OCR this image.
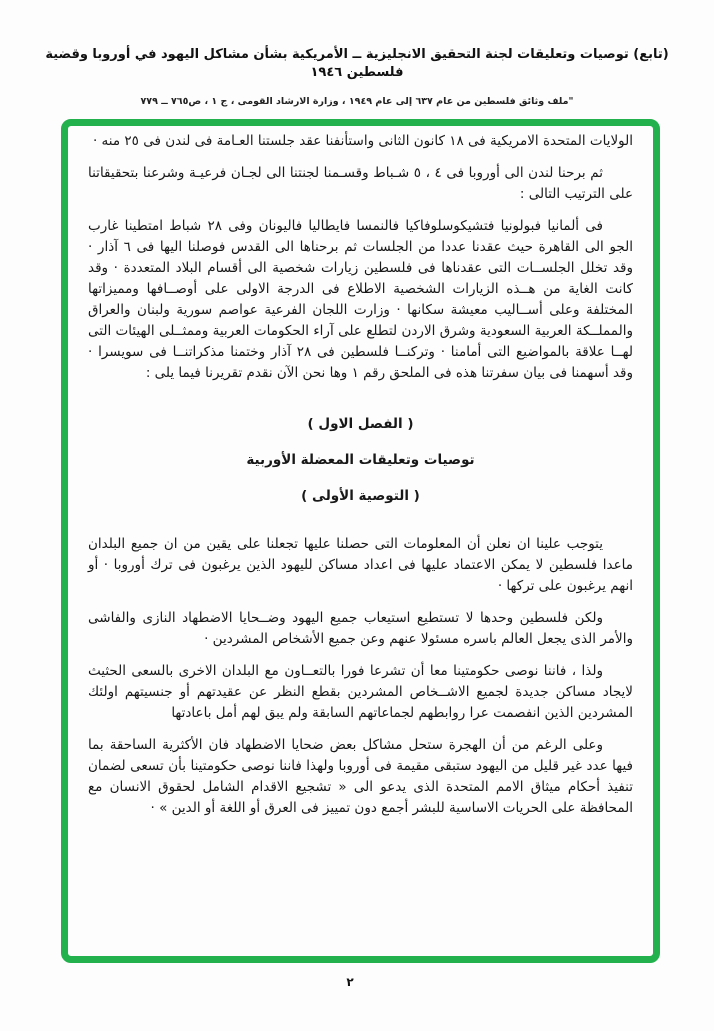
(تابع) توصيات وتعليقات لجنة التحقيق الانجليزية ــ الأمريكية بشأن مشاكل اليهود في أوروبا وقضية فلسطين ١٩٤٦
"ملف وثائق فلسطين من عام ٦٣٧ إلى عام ١٩٤٩ ، وزارة الارشاد القومى ، ج ١ ، ص٧٦٥ ــ ٧٧٩

الولايات المتحدة الامريكية فى ١٨ كانون الثانى واستأنفنا عقد جلستنا العـامة فى لندن فى ٢٥ منه ·

ثم برحنا لندن الى أوروبا فى ٤ ، ٥ شـباط وقسـمنا لجنتنا الى لجـان فرعيـة وشرعنا بتحقيقاتنا على الترتيب التالى :

فى ألمانيا فبولونيا فتشيكوسلوفاكيا فالنمسا فايطاليا فاليونان وفى ٢٨ شباط امتطينا غارب الجو الى القاهرة حيث عقدنا عددا من الجلسات ثم برحناها الى القدس فوصلنا اليها فى ٦ آذار · وقد تخلل الجلســات التى عقدناها فى فلسطين زيارات شخصية الى أقسام البلاد المتعددة · وقد كانت الغاية من هــذه الزيارات الشخصية الاطلاع فى الدرجة الاولى على أوصــافها ومميزاتها المختلفة وعلى أســاليب معيشة سكانها · وزارت اللجان الفرعية عواصم سورية ولبنان والعراق والمملــكة العربية السعودية وشرق الاردن لتطلع على آراء الحكومات العربية وممثــلى الهيئات التى لهــا علاقة بالمواضيع التى أمامنا · وتركنــا فلسطين فى ٢٨ آذار وختمنا مذكراتنــا فى سويسرا · وقد أسهمنا فى بيان سفرتنا هذه فى الملحق رقم ١ وها نحن الآن نقدم تقريرنا فيما يلى :

( الفصل الاول )

توصيات وتعليقات المعضلة الأوربية

( التوصية الأولى )

يتوجب علينا ان نعلن أن المعلومات التى حصلنا عليها تجعلنا على يقين من ان جميع البلدان ماعدا فلسطين لا يمكن الاعتماد عليها فى اعداد مساكن لليهود الذين يرغبون فى ترك أوروبا · أو انهم يرغبون على تركها ·

ولكن فلسطين وحدها لا تستطيع استيعاب جميع اليهود وضــحايا الاضطهاد النازى والفاشى والأمر الذى يجعل العالم باسره مسئولا عنهم وعن جميع الأشخاص المشردين ·

ولذا ، فاننا نوصى حكومتينا معا أن تشرعا فورا بالتعــاون مع البلدان الاخرى بالسعى الحثيث لايجاد مساكن جديدة لجميع الاشــخاص المشردين بقطع النظر عن عقيدتهم أو جنسيتهم اولئك المشردين الذين انفصمت عرا روابطهم لجماعاتهم السابقة ولم يبق لهم أمل باعادتها

وعلى الرغم من أن الهجرة ستحل مشاكل بعض ضحايا الاضطهاد فان الأكثرية الساحقة بما فيها عدد غير قليل من اليهود ستبقى مقيمة فى أوروبا ولهذا فاننا نوصى حكومتينا بأن تسعى لضمان تنفيذ أحكام ميثاق الامم المتحدة الذى يدعو الى « تشجيع الاقدام الشامل لحقوق الانسان مع المحافظة على الحريات الاساسية للبشر أجمع دون تمييز فى العرق أو اللغة أو الدين » ·

٢
